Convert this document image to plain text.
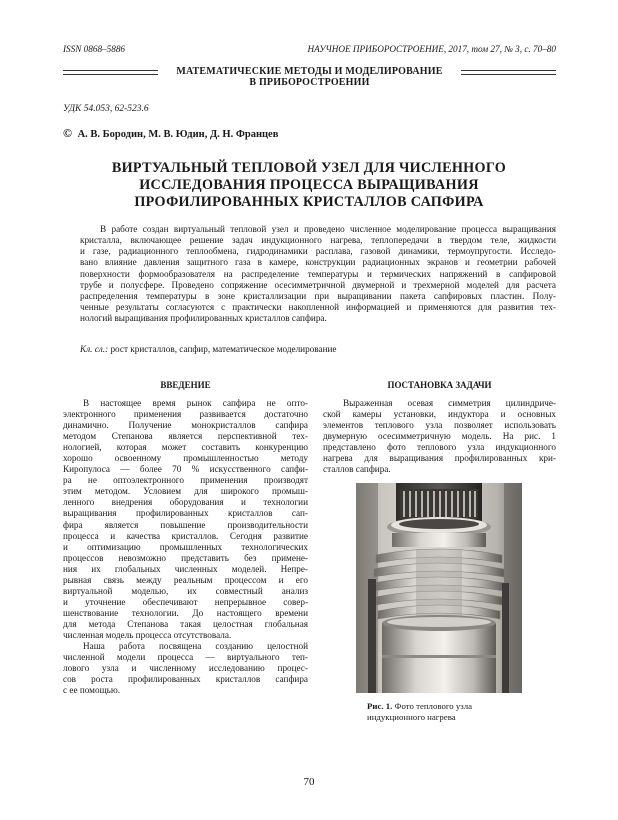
ISSN 0868–5886	НАУЧНОЕ ПРИБОРОСТРОЕНИЕ, 2017, том 27, № 3, c. 70–80
МАТЕМАТИЧЕСКИЕ МЕТОДЫ И МОДЕЛИРОВАНИЕ
В ПРИБОРОСТРОЕНИИ
УДК 54.053, 62-523.6
© А. В. Бородин, М. В. Юдин, Д. Н. Францев
ВИРТУАЛЬНЫЙ ТЕПЛОВОЙ УЗЕЛ ДЛЯ ЧИСЛЕННОГО
ИССЛЕДОВАНИЯ ПРОЦЕССА ВЫРАЩИВАНИЯ
ПРОФИЛИРОВАННЫХ КРИСТАЛЛОВ САПФИРА
В работе создан виртуальный тепловой узел и проведено численное моделирование процесса выращивания
кристалла, включающее решение задач индукционного нагрева, теплопередачи в твердом теле, жидкости
и газе, радиационного теплообмена, гидродинамики расплава, газовой динамики, термоупругости. Исследо-
вано влияние давления защитного газа в камере, конструкции радиационных экранов и геометрии рабочей
поверхности формообразователя на распределение температуры и термических напряжений в сапфировой
трубе и полусфере. Проведено сопряжение осесимметричной двумерной и трехмерной моделей для расчета
распределения температуры в зоне кристаллизации при выращивании пакета сапфировых пластин. Полу-
ченные результаты согласуются с практически накопленной информацией и применяются для развития тех-
нологий выращивания профилированных кристаллов сапфира.
Кл. сл.: рост кристаллов, сапфир, математическое моделирование
ВВЕДЕНИЕ	ПОСТАНОВКА ЗАДАЧИ
В настоящее время рынок сапфира не опто-
электронного применения развивается достаточно
динамично. Получение монокристаллов сапфира
методом Степанова является перспективной тех-
нологией, которая может составить конкуренцию
хорошо освоенному промышленностью методу
Киропулоса — более 70 % искусственного сапфи-
ра не оптоэлектронного применения производят
этим методом. Условием для широкого промыш-
ленного внедрения оборудования и технологии
выращивания профилированных кристаллов сап-
фира является повышение производительности
процесса и качества кристаллов. Сегодня развитие
и оптимизацию промышленных технологических
процессов невозможно представить без примене-
ния их глобальных численных моделей. Непре-
рывная связь между реальным процессом и его
виртуальной моделью, их совместный анализ
и уточнение обеспечивают непрерывное совер-
шенствование технологии. До настоящего времени
для метода Степанова такая целостная глобальная
численная модель процесса отсутствовала.
Наша работа посвящена созданию целостной
численной модели процесса — виртуального теп-
лового узла и численному исследованию процес-
сов роста профилированных кристаллов сапфира
с ее помощью.
Выраженная осевая симметрия цилиндриче-
ской камеры установки, индуктора и основных
элементов теплового узла позволяет использовать
двумерную осесимметричную модель. На рис. 1
представлено фото теплового узла индукционного
нагрева для выращивания профилированных кри-
сталлов сапфира.
Рис. 1. Фото теплового узла
индукционного нагрева
70
